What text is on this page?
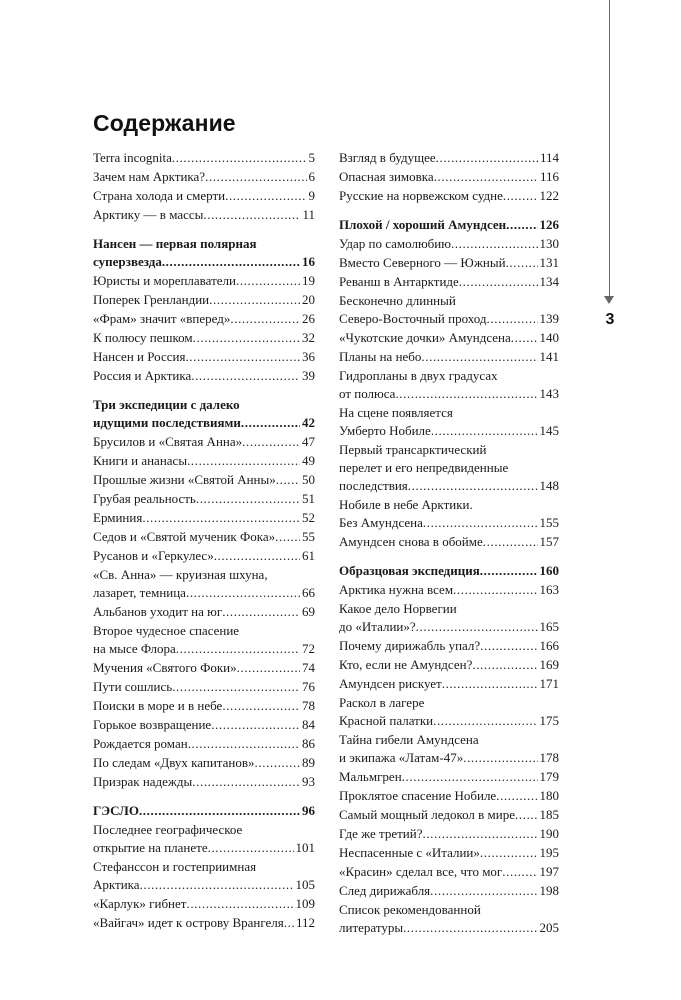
3
Содержание
Terra incognita .....	5
Зачем нам Арктика? .....	6
Страна холода и смерти .....	9
Арктику — в массы .....	11
Нансен — первая полярная
суперзвезда .....	16
Юристы и мореплаватели .....	19
Поперек Гренландии .....	20
«Фрам» значит «вперед» .....	26
К полюсу пешком .....	32
Нансен и Россия .....	36
Россия и Арктика .....	39
Три экспедиции с далеко
идущими последствиями .....	42
Брусилов и «Святая Анна» .....	47
Книги и ананасы .....	49
Прошлые жизни «Святой Анны» ..... 50
Грубая реальность .....	51
Ерминия .....	52
Седов и «Святой мученик Фока» ..... 55
Русанов и «Геркулес» .....	61
«Св. Анна» — круизная шхуна,
лазарет, темница .....	66
Альбанов уходит на юг .....	69
Второе чудесное спасение
на мысе Флора .....	72
Мучения «Святого Фоки» .....	74
Пути сошлись .....	76
Поиски в море и в небе .....	78
Горькое возвращение .....	84
Рождается роман .....	86
По следам «Двух капитанов» .....	89
Призрак надежды .....	93
ГЭСЛО .....	96
Последнее географическое
открытие на планете .....	101
Стефанссон и гостеприимная
Арктика .....	105
«Карлук» гибнет .....	109
«Вайгач» идет к острову Врангеля ..... 112
Взгляд в будущее .....	114
Опасная зимовка .....	116
Русские на норвежском судне .....	122
Плохой / хороший Амундсен .....	126
Удар по самолюбию .....	130
Вместо Северного — Южный .....	131
Реванш в Антарктиде .....	134
Бесконечно длинный
Северо-Восточный проход .....	139
«Чукотские дочки» Амундсена ..... 140
Планы на небо .....	141
Гидропланы в двух градусах
от полюса .....	143
На сцене появляется
Умберто Нобиле .....	145
Первый трансарктический
перелет и его непредвиденные
последствия .....	148
Нобиле в небе Арктики.
Без Амундсена .....	155
Амундсен снова в обойме .....	157
Образцовая экспедиция .....	160
Арктика нужна всем .....	163
Какое дело Норвегии
до «Италии»? .....	165
Почему дирижабль упал? .....	166
Кто, если не Амундсен? .....	169
Амундсен рискует .....	171
Раскол в лагере
Красной палатки .....	175
Тайна гибели Амундсена
и экипажа «Латам-47» .....	178
Мальмгрен .....	179
Проклятое спасение Нобиле .....	180
Самый мощный ледокол в мире ..... 185
Где же третий? .....	190
Неспасенные с «Италии» .....	195
«Красин» сделал все, что мог .....	197
След дирижабля .....	198
Список рекомендованной
литературы .....	205
